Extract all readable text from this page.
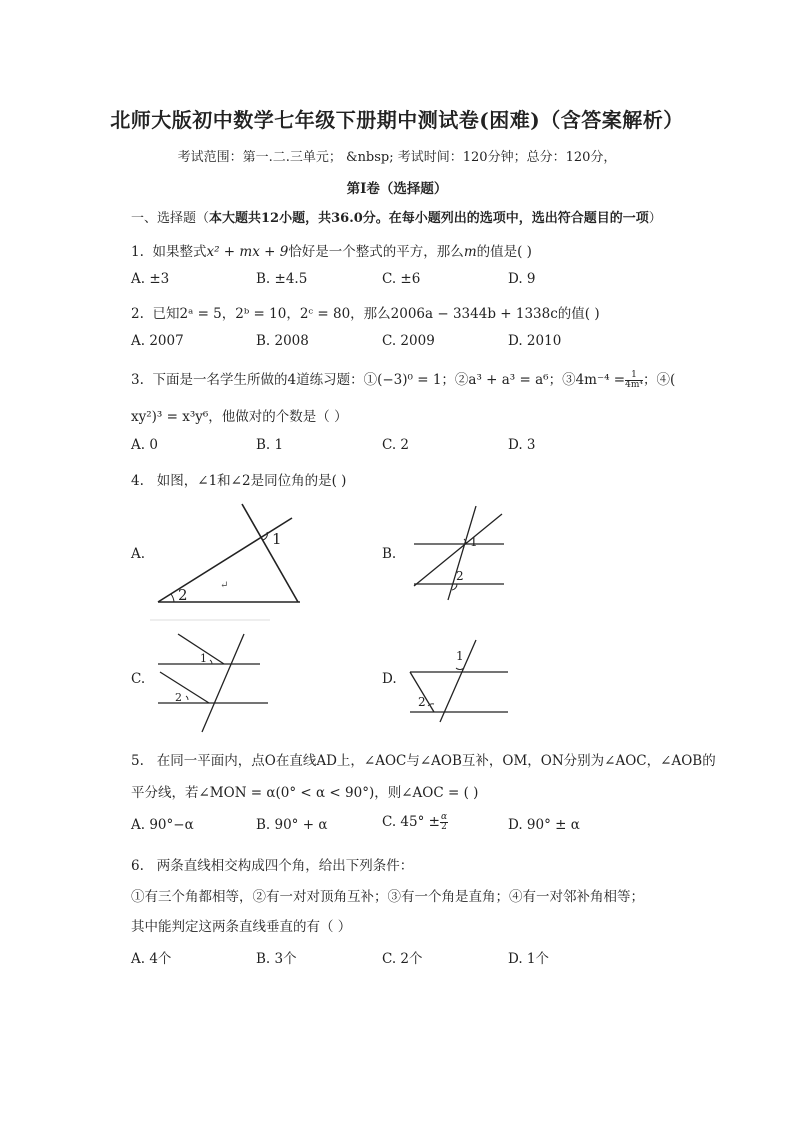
北师大版初中数学七年级下册期中测试卷(困难)（含答案解析）
考试范围：第一.二.三单元； &nbsp; 考试时间：120分钟；总分：120分，
第I卷（选择题）
一、选择题（本大题共12小题，共36.0分。在每小题列出的选项中，选出符合题目的一项）
1. 如果整式x² + mx + 9恰好是一个整式的平方，那么m的值是( )
A. ±3	B. ±4.5	C. ±6	D. 9
2. 已知2ᵃ = 5，2ᵇ = 10，2ᶜ = 80，那么2006a − 3344b + 1338c的值( )
A. 2007	B. 2008	C. 2009	D. 2010
3. 下面是一名学生所做的4道练习题：①(−3)⁰ = 1；②a³ + a³ = a⁶；③4m⁻⁴ = $\frac{1}{\text{4m⁴}}$ ；④(
xy²)³ = x³y⁶，他做对的个数是（ ）
A. 0	B. 1	C. 2	D. 3
4. 如图，∠1和∠2是同位角的是( )
A.
2
1
↵
B.
1
2
C.
1
2
D.
1
2
5. 在同一平面内，点O在直线AD上，∠AOC与∠AOB互补，OM，ON分别为∠AOC，∠AOB的
平分线，若∠MON = α(0° < α < 90°)，则∠AOC = ( )
A. 90°−α	B. 90° + α	C. $45^\circ \pm \frac{\alpha}{2}$	D. 90° ± α
6. 两条直线相交构成四个角，给出下列条件：
①有三个角都相等，②有一对对顶角互补；③有一个角是直角；④有一对邻补角相等；
其中能判定这两条直线垂直的有（ ）
A. 4个	B. 3个	C. 2个	D. 1个
